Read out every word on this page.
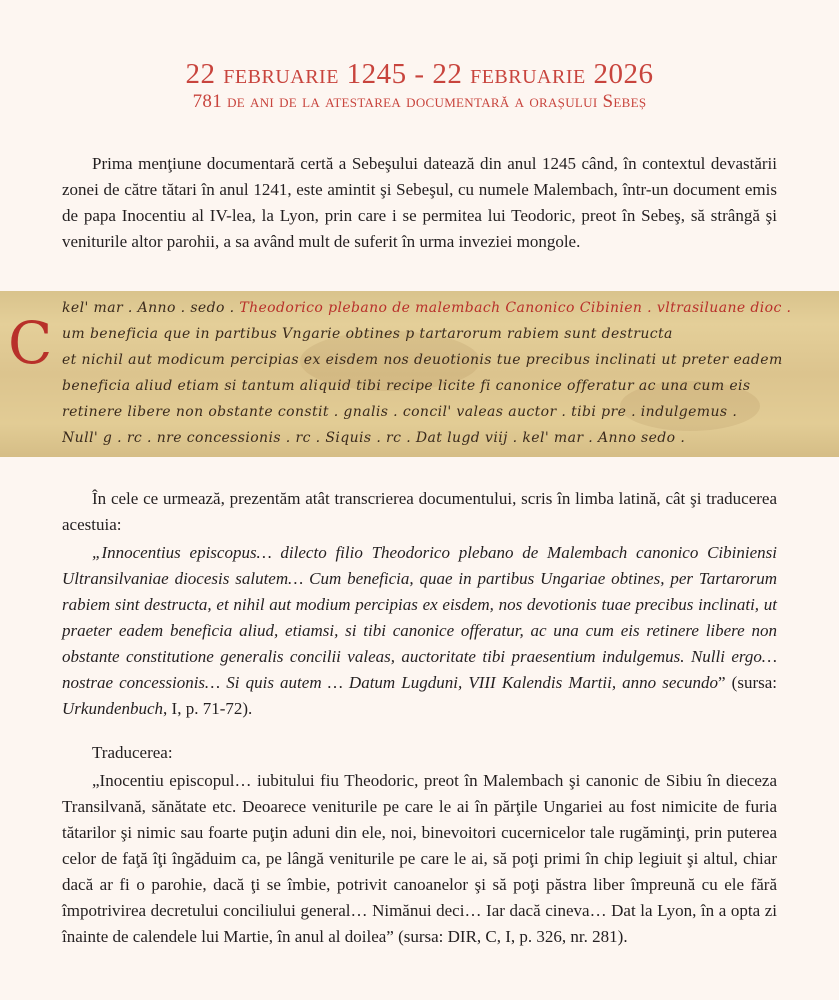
22 februarie 1245 - 22 februarie 2026
781 de ani de la atestarea documentară a orașului Sebeș

Prima menţiune documentară certă a Sebeşului datează din anul 1245 când, în contextul devastării zonei de către tătari în anul 1241, este amintit şi Sebeşul, cu numele Malembach, într-un document emis de papa Inocentiu al IV-lea, la Lyon, prin care i se permitea lui Teodoric, preot în Sebeş, să strângă şi veniturile altor parohii, a sa având mult de suferit în urma inveziei mongole.

C
kel' mar . Anno . sedo . Theodorico plebano de malembach Canonico Cibinien . vltrasiluane dioc .
um beneficia que in partibus Vngarie obtines p tartarorum rabiem sunt destructa
et nichil aut modicum percipias ex eisdem nos deuotionis tue precibus inclinati ut preter eadem
beneficia aliud etiam si tantum aliquid tibi recipe licite fi canonice offeratur ac una cum eis
retinere libere non obstante constit . gnalis . concil' valeas auctor . tibi pre . indulgemus .
Null' g . rc . nre concessionis . rc . Siquis . rc . Dat lugd viij . kel' mar . Anno sedo .

În cele ce urmează, prezentăm atât transcrierea documentului, scris în limba latină, cât şi traducerea acestuia:

„Innocentius episcopus… dilecto filio Theodorico plebano de Malembach canonico Cibiniensi Ultransilvaniae diocesis salutem… Cum beneficia, quae in partibus Ungariae obtines, per Tartarorum rabiem sint destructa, et nihil aut modium percipias ex eisdem, nos devotionis tuae precibus inclinati, ut praeter eadem beneficia aliud, etiamsi, si tibi canonice offeratur, ac una cum eis retinere libere non obstante constitutione generalis concilii valeas, auctoritate tibi praesentium indulgemus. Nulli ergo… nostrae concessionis… Si quis autem … Datum Lugduni, VIII Kalendis Martii, anno secundo” (sursa: Urkundenbuch, I, p. 71-72).

Traducerea:

„Inocentiu episcopul… iubitului fiu Theodoric, preot în Malembach şi canonic de Sibiu în dieceza Transilvană, sănătate etc. Deoarece veniturile pe care le ai în părţile Ungariei au fost nimicite de furia tătarilor şi nimic sau foarte puţin aduni din ele, noi, binevoitori cucernicelor tale rugăminţi, prin puterea celor de faţă îţi îngăduim ca, pe lângă veniturile pe care le ai, să poţi primi în chip legiuit şi altul, chiar dacă ar fi o parohie, dacă ţi se îmbie, potrivit canoanelor şi să poţi păstra liber împreună cu ele fără împotrivirea decretului conciliului general… Nimănui deci… Iar dacă cineva… Dat la Lyon, în a opta zi înainte de calendele lui Martie, în anul al doilea” (sursa: DIR, C, I, p. 326, nr. 281).
